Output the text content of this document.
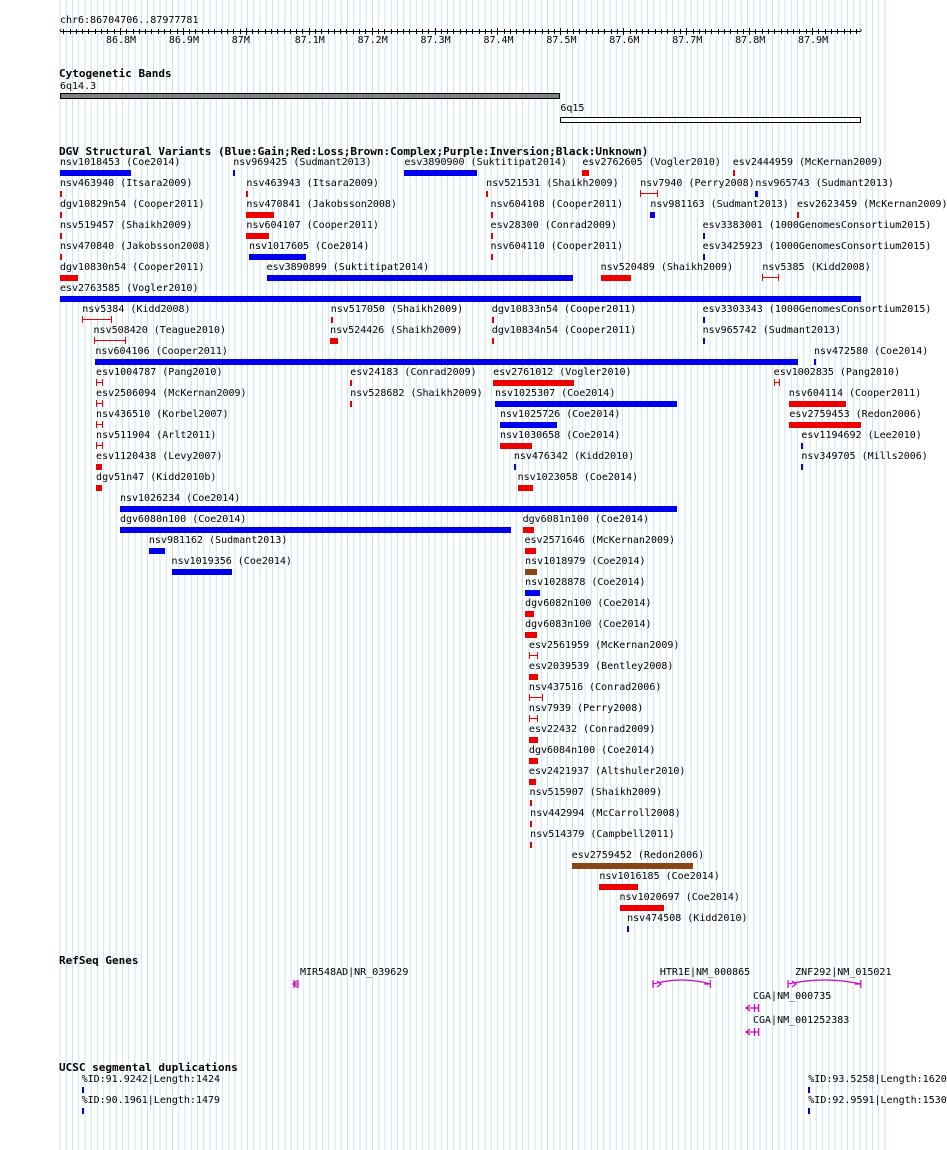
chr6:86704706..87977781
‹	›
86.8M	86.9M	87M	87.1M	87.2M	87.3M	87.4M	87.5M	87.6M	87.7M	87.8M	87.9M
Cytogenetic Bands
6q14.3
6q15
DGV Structural Variants (Blue:Gain;Red:Loss;Brown:Complex;Purple:Inversion;Black:Unknown)
nsv1018453 (Coe2014)	nsv969425 (Sudmant2013)	esv3890900 (Suktitipat2014) esv2762605 (Vogler2010) esv2444959 (McKernan2009)
nsv463940 (Itsara2009)	nsv463943 (Itsara2009)	nsv521531 (Shaikh2009) nsv7940 (Perry2008) nsv965743 (Sudmant2013)
dgv10829n54 (Cooper2011)	nsv470841 (Jakobsson2008)	nsv604108 (Cooper2011)	nsv981163 (Sudmant2013) esv2623459 (McKernan2009)
nsv519457 (Shaikh2009)	nsv604107 (Cooper2011)	esv28300 (Conrad2009)	esv3383001 (1000GenomesConsortium2015)
nsv470840 (Jakobsson2008)	nsv1017605 (Coe2014)	nsv604110 (Cooper2011)	esv3425923 (1000GenomesConsortium2015)
dgv10830n54 (Cooper2011)	esv3890899 (Suktitipat2014)	nsv520489 (Shaikh2009)	nsv5385 (Kidd2008)
esv2763585 (Vogler2010)
nsv5384 (Kidd2008)	nsv517050 (Shaikh2009)	dgv10833n54 (Cooper2011)	esv3303343 (1000GenomesConsortium2015)
nsv508420 (Teague2010)	nsv524426 (Shaikh2009)	dgv10834n54 (Cooper2011)	nsv965742 (Sudmant2013)
nsv604106 (Cooper2011)	nsv472580 (Coe2014)
esv1004787 (Pang2010)	esv24183 (Conrad2009) esv2761012 (Vogler2010)	esv1002835 (Pang2010)
esv2506094 (McKernan2009)	nsv528682 (Shaikh2009) nsv1025307 (Coe2014)	nsv604114 (Cooper2011)
nsv436510 (Korbel2007)	nsv1025726 (Coe2014)	esv2759453 (Redon2006)
nsv511904 (Arlt2011)	nsv1030658 (Coe2014)	esv1194692 (Lee2010)
esv1120438 (Levy2007)	nsv476342 (Kidd2010)	nsv349705 (Mills2006)
dgv51n47 (Kidd2010b)	nsv1023058 (Coe2014)
nsv1026234 (Coe2014)
dgv6080n100 (Coe2014)	dgv6081n100 (Coe2014)
nsv981162 (Sudmant2013)	esv2571646 (McKernan2009)
nsv1019356 (Coe2014)	nsv1018979 (Coe2014)
nsv1028878 (Coe2014)
dgv6082n100 (Coe2014)
dgv6083n100 (Coe2014)
esv2561959 (McKernan2009)
esv2039539 (Bentley2008)
nsv437516 (Conrad2006)
nsv7939 (Perry2008)
esv22432 (Conrad2009)
dgv6084n100 (Coe2014)
esv2421937 (Altshuler2010)
nsv515907 (Shaikh2009)
nsv442994 (McCarroll2008)
nsv514379 (Campbell2011)
esv2759452 (Redon2006)
nsv1016185 (Coe2014)
nsv1020697 (Coe2014)
nsv474508 (Kidd2010)
RefSeq Genes
MIR548AD|NR_039629	HTR1E|NM_000865	ZNF292|NM_015021
CGA|NM_000735
CGA|NM_001252383
UCSC segmental duplications
%ID:91.9242|Length:1424	%ID:93.5258|Length:1620
%ID:90.1961|Length:1479	%ID:92.9591|Length:1530
